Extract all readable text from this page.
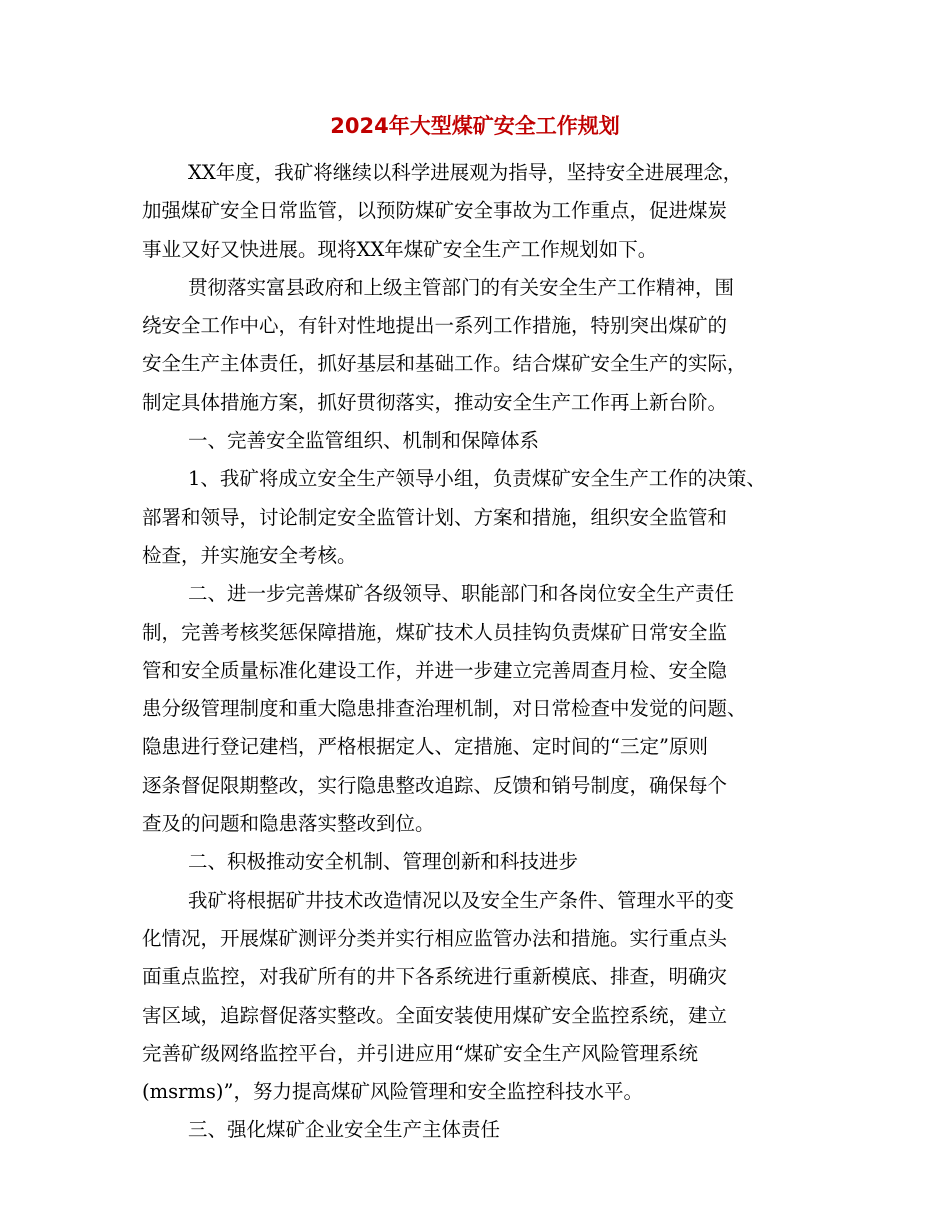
2024年大型煤矿安全工作规划

XX年度，我矿将继续以科学进展观为指导，坚持安全进展理念，
加强煤矿安全日常监管，以预防煤矿安全事故为工作重点，促进煤炭
事业又好又快进展。现将XX年煤矿安全生产工作规划如下。

贯彻落实富县政府和上级主管部门的有关安全生产工作精神，围
绕安全工作中心，有针对性地提出一系列工作措施，特别突出煤矿的
安全生产主体责任，抓好基层和基础工作。结合煤矿安全生产的实际，
制定具体措施方案，抓好贯彻落实，推动安全生产工作再上新台阶。

一、完善安全监管组织、机制和保障体系

1、我矿将成立安全生产领导小组，负责煤矿安全生产工作的决策、
部署和领导，讨论制定安全监管计划、方案和措施，组织安全监管和
检查，并实施安全考核。

二、进一步完善煤矿各级领导、职能部门和各岗位安全生产责任
制，完善考核奖惩保障措施，煤矿技术人员挂钩负责煤矿日常安全监
管和安全质量标准化建设工作，并进一步建立完善周查月检、安全隐
患分级管理制度和重大隐患排查治理机制，对日常检查中发觉的问题、
隐患进行登记建档，严格根据定人、定措施、定时间的“三定”原则
逐条督促限期整改，实行隐患整改追踪、反馈和销号制度，确保每个
查及的问题和隐患落实整改到位。

二、积极推动安全机制、管理创新和科技进步

我矿将根据矿井技术改造情况以及安全生产条件、管理水平的变
化情况，开展煤矿测评分类并实行相应监管办法和措施。实行重点头
面重点监控，对我矿所有的井下各系统进行重新模底、排查，明确灾
害区域，追踪督促落实整改。全面安装使用煤矿安全监控系统，建立
完善矿级网络监控平台，并引进应用“煤矿安全生产风险管理系统
(msrms)”，努力提高煤矿风险管理和安全监控科技水平。

三、强化煤矿企业安全生产主体责任
